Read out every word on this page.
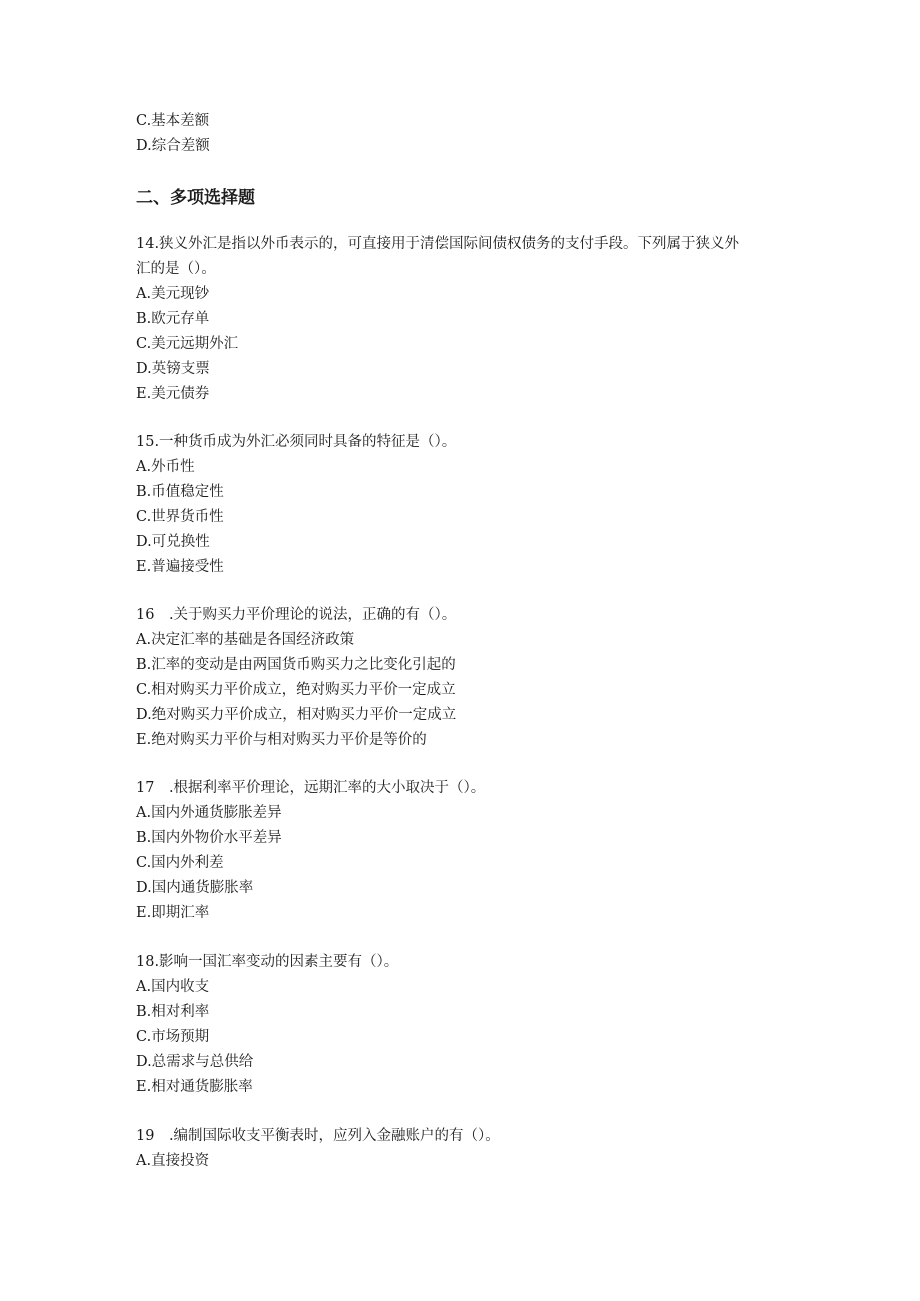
C.基本差额
D.综合差额
二、多项选择题
14.狭义外汇是指以外币表示的，可直接用于清偿国际间债权债务的支付手段。下列属于狭义外
汇的是（）。
A.美元现钞
B.欧元存单
C.美元远期外汇
D.英镑支票
E.美元债券
15.一种货币成为外汇必须同时具备的特征是（）。
A.外币性
B.币值稳定性
C.世界货币性
D.可兑换性
E.普遍接受性
16　.关于购买力平价理论的说法，正确的有（）。
A.决定汇率的基础是各国经济政策
B.汇率的变动是由两国货币购买力之比变化引起的
C.相对购买力平价成立，绝对购买力平价一定成立
D.绝对购买力平价成立，相对购买力平价一定成立
E.绝对购买力平价与相对购买力平价是等价的
17　.根据利率平价理论，远期汇率的大小取决于（）。
A.国内外通货膨胀差异
B.国内外物价水平差异
C.国内外利差
D.国内通货膨胀率
E.即期汇率
18.影响一国汇率变动的因素主要有（）。
A.国内收支
B.相对利率
C.市场预期
D.总需求与总供给
E.相对通货膨胀率
19　.编制国际收支平衡表时，应列入金融账户的有（）。
A.直接投资
